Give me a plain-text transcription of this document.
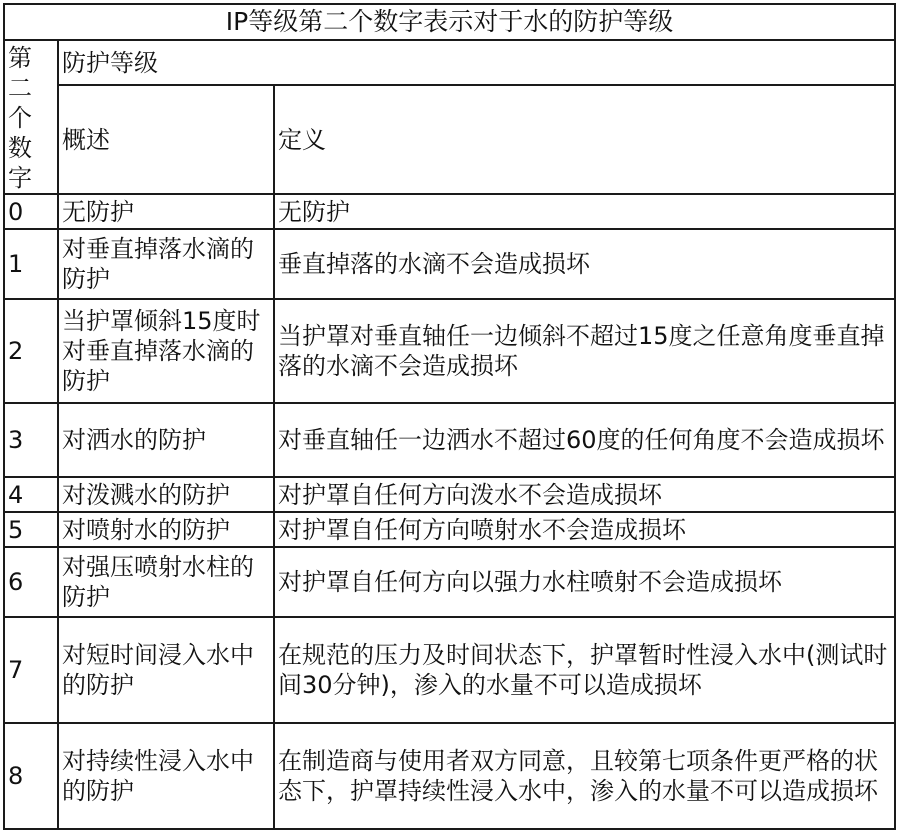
IP等级第二个数字表示对于水的防护等级		
第二个数字	防护等级	
	概述	定义
0	无防护	无防护
1	对垂直掉落水滴的防护	垂直掉落的水滴不会造成损坏
2	当护罩倾斜15度时对垂直掉落水滴的防护	当护罩对垂直轴任一边倾斜不超过15度之任意角度垂直掉落的水滴不会造成损坏
3	对洒水的防护	对垂直轴任一边洒水不超过60度的任何角度不会造成损坏
4	对泼溅水的防护	对护罩自任何方向泼水不会造成损坏
5	对喷射水的防护	对护罩自任何方向喷射水不会造成损坏
6	对强压喷射水柱的防护	对护罩自任何方向以强力水柱喷射不会造成损坏
7	对短时间浸入水中的防护	在规范的压力及时间状态下，护罩暂时性浸入水中(测试时间30分钟)，渗入的水量不可以造成损坏
8	对持续性浸入水中的防护	在制造商与使用者双方同意，且较第七项条件更严格的状态下，护罩持续性浸入水中，渗入的水量不可以造成损坏
